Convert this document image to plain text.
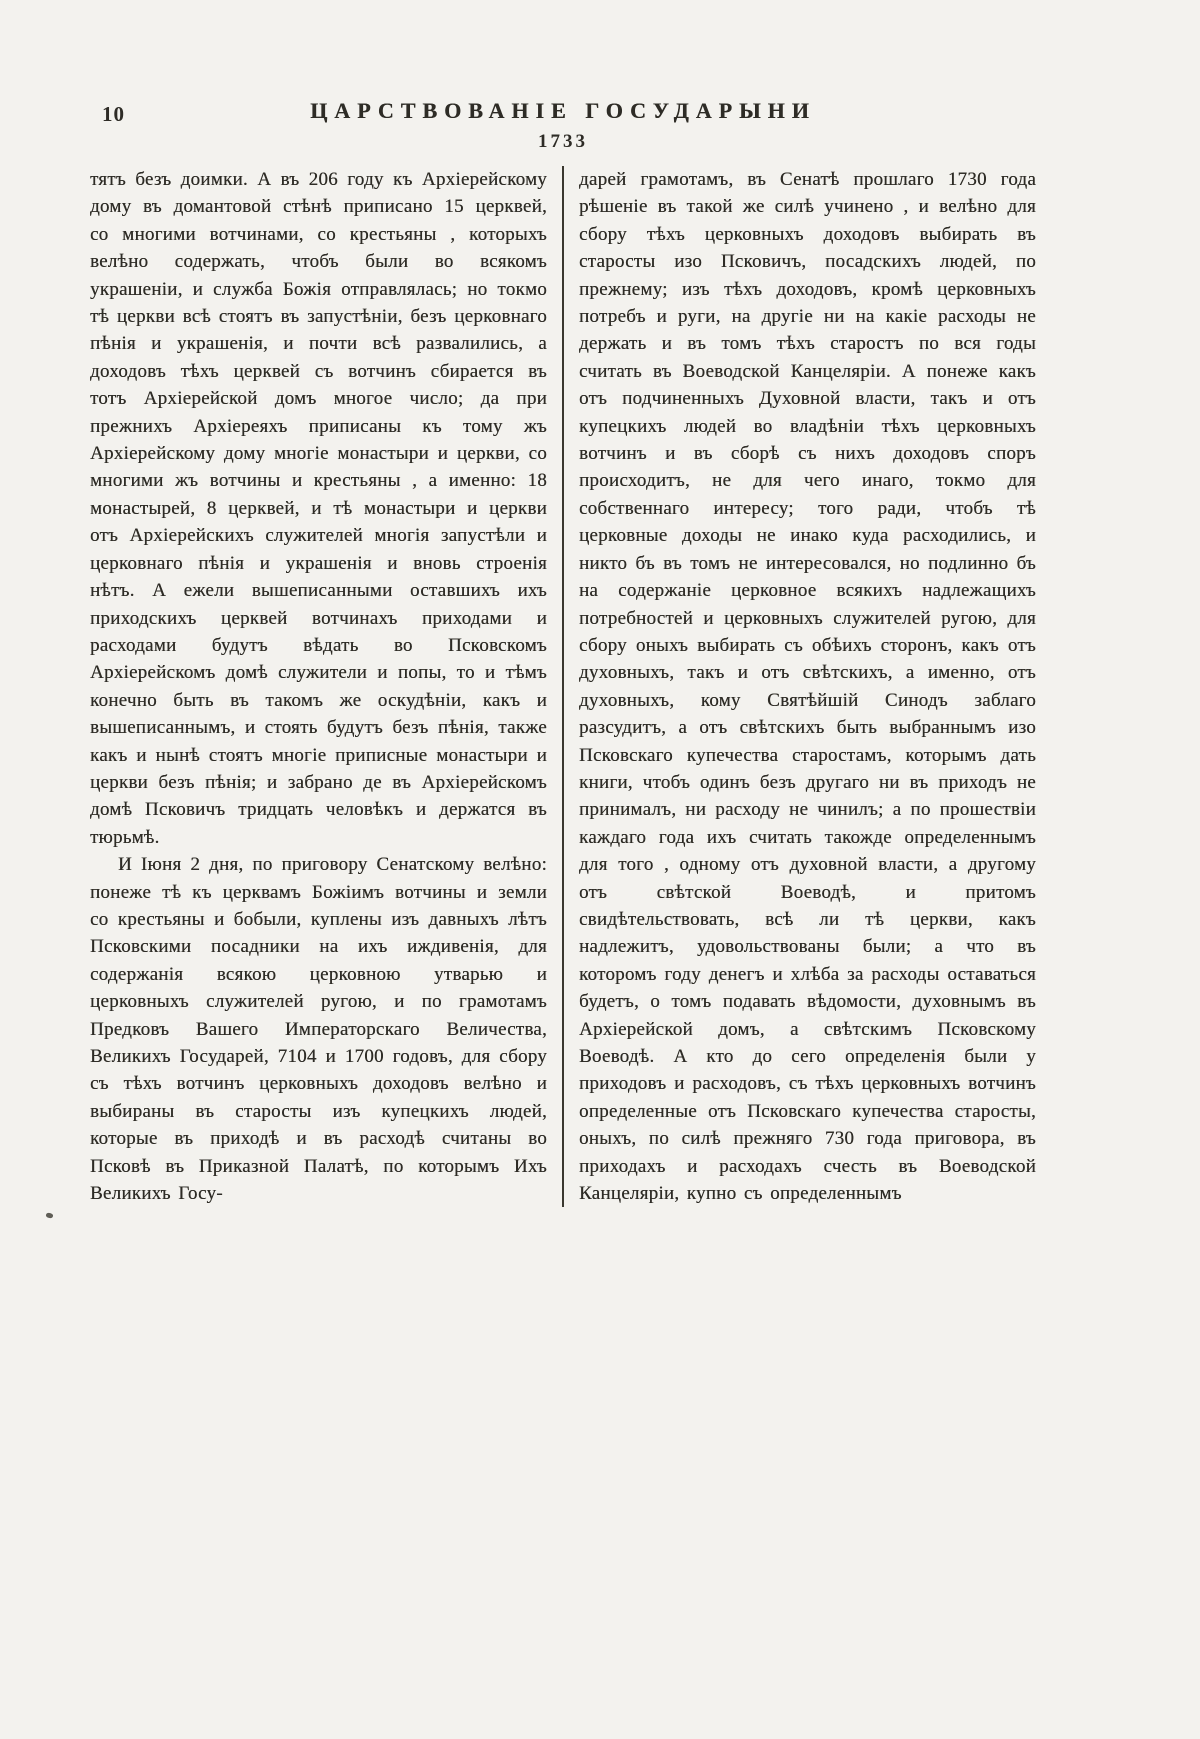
10	ЦАРСТВОВАНІЕ ГОСУДАРЫНИ
1733

тятъ безъ доимки. А въ 206 году къ Архіерейскому дому въ домантовой стѣнѣ приписано 15 церквей, со многими вотчинами, со крестьяны , которыхъ велѣно содержать, чтобъ были во всякомъ украшеніи, и служба Божія отправлялась; но токмо тѣ церкви всѣ стоятъ въ запустѣніи, безъ церковнаго пѣнія и украшенія, и почти всѣ развалились, а доходовъ тѣхъ церквей съ вотчинъ сбирается въ тотъ Архіерейской домъ многое число; да при прежнихъ Архіереяхъ приписаны къ тому жъ Архіерейскому дому многіе монастыри и церкви, со многими жъ вотчины и крестьяны , а именно: 18 монастырей, 8 церквей, и тѣ монастыри и церкви отъ Архіерейскихъ служителей многія запустѣли и церковнаго пѣнія и украшенія и вновь строенія нѣтъ. А ежели вышеписанными оставшихъ ихъ приходскихъ церквей вотчинахъ приходами и расходами будутъ вѣдать во Псковскомъ Архіерейскомъ домѣ служители и попы, то и тѣмъ конечно быть въ такомъ же оскудѣніи, какъ и вышеписаннымъ, и стоять будутъ безъ пѣнія, также какъ и нынѣ стоятъ многіе приписные монастыри и церкви безъ пѣнія; и забрано де въ Архіерейскомъ домѣ Псковичъ тридцать человѣкъ и держатся въ тюрьмѣ.

И Іюня 2 дня, по приговору Сенатскому велѣно: понеже тѣ къ церквамъ Божіимъ вотчины и земли со крестьяны и бобыли, куплены изъ давныхъ лѣтъ Псковскими посадники на ихъ иждивенія, для содержанія всякою церковною утварью и церковныхъ служителей ругою, и по грамотамъ Предковъ Вашего Императорскаго Величества, Великихъ Государей, 7104 и 1700 годовъ, для сбору съ тѣхъ вотчинъ церковныхъ доходовъ велѣно и выбираны въ старосты изъ купецкихъ людей, которые въ приходѣ и въ расходѣ считаны во Псковѣ въ Приказной Палатѣ, по которымъ Ихъ Великихъ Госу-

дарей грамотамъ, въ Сенатѣ прошлаго 1730 года рѣшеніе въ такой же силѣ учинено , и велѣно для сбору тѣхъ церковныхъ доходовъ выбирать въ старосты изо Псковичъ, посадскихъ людей, по прежнему; изъ тѣхъ доходовъ, кромѣ церковныхъ потребъ и руги, на другіе ни на какіе расходы не держать и въ томъ тѣхъ старостъ по вся годы считать въ Воеводской Канцеляріи. А понеже какъ отъ подчиненныхъ Духовной власти, такъ и отъ купецкихъ людей во владѣніи тѣхъ церковныхъ вотчинъ и въ сборѣ съ нихъ доходовъ споръ происходитъ, не для чего инаго, токмо для собственнаго интересу; того ради, чтобъ тѣ церковные доходы не инако куда расходились, и никто бъ въ томъ не интересовался, но подлинно бъ на содержаніе церковное всякихъ надлежащихъ потребностей и церковныхъ служителей ругою, для сбору оныхъ выбирать съ обѣихъ сторонъ, какъ отъ духовныхъ, такъ и отъ свѣтскихъ, а именно, отъ духовныхъ, кому Святѣйшій Синодъ заблаго разсудитъ, а отъ свѣтскихъ быть выбраннымъ изо Псковскаго купечества старостамъ, которымъ дать книги, чтобъ одинъ безъ другаго ни въ приходъ не принималъ, ни расходу не чинилъ; а по прошествіи каждаго года ихъ считать такожде определеннымъ для того , одному отъ духовной власти, а другому отъ свѣтской Воеводѣ, и притомъ свидѣтельствовать, всѣ ли тѣ церкви, какъ надлежитъ, удовольствованы были; а что въ которомъ году денегъ и хлѣба за расходы оставаться будетъ, о томъ подавать вѣдомости, духовнымъ въ Архіерейской домъ, а свѣтскимъ Псковскому Воеводѣ. А кто до сего определенія были у приходовъ и расходовъ, съ тѣхъ церковныхъ вотчинъ определенные отъ Псковскаго купечества старосты, оныхъ, по силѣ прежняго 730 года приговора, въ приходахъ и расходахъ счесть въ Воеводской Канцеляріи, купно съ определеннымъ
